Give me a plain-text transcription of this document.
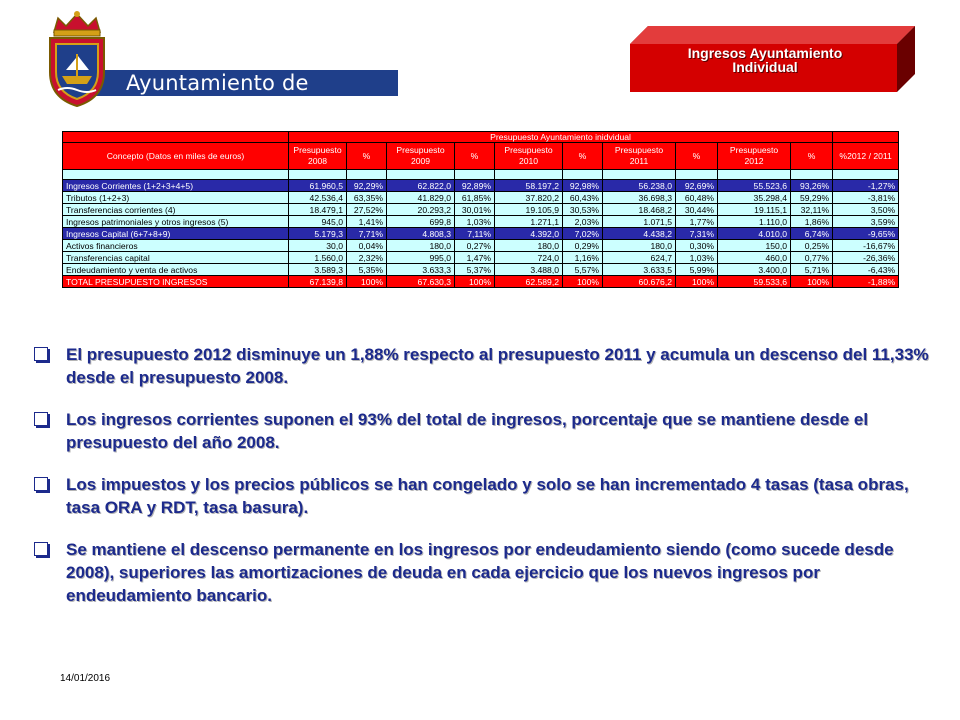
Ayuntamiento de Avilés
Ingresos Ayuntamiento
Individual
	Presupuesto Ayuntamiento inidvidual										
Concepto (Datos en miles de euros)	Presupuesto 2008	%	Presupuesto 2009	%	Presupuesto 2010	%	Presupuesto 2011	%	Presupuesto 2012	%	%2012 / 2011

Ingresos Corrientes (1+2+3+4+5)	61.960,5	92,29%	62.822,0	92,89%	58.197,2	92,98%	56.238,0	92,69%	55.523,6	93,26%	-1,27%
Tributos (1+2+3)	42.536,4	63,35%	41.829,0	61,85%	37.820,2	60,43%	36.698,3	60,48%	35.298,4	59,29%	-3,81%
Transferencias corrientes (4)	18.479,1	27,52%	20.293,2	30,01%	19.105,9	30,53%	18.468,2	30,44%	19.115,1	32,11%	3,50%
Ingresos patrimoniales y otros ingresos (5)	945,0	1,41%	699,8	1,03%	1.271,1	2,03%	1.071,5	1,77%	1.110,0	1,86%	3,59%
Ingresos Capital (6+7+8+9)	5.179,3	7,71%	4.808,3	7,11%	4.392,0	7,02%	4.438,2	7,31%	4.010,0	6,74%	-9,65%
Activos financieros	30,0	0,04%	180,0	0,27%	180,0	0,29%	180,0	0,30%	150,0	0,25%	-16,67%
Transferencias capital	1.560,0	2,32%	995,0	1,47%	724,0	1,16%	624,7	1,03%	460,0	0,77%	-26,36%
Endeudamiento y venta de activos	3.589,3	5,35%	3.633,3	5,37%	3.488,0	5,57%	3.633,5	5,99%	3.400,0	5,71%	-6,43%
TOTAL PRESUPUESTO INGRESOS	67.139,8	100%	67.630,3	100%	62.589,2	100%	60.676,2	100%	59.533,6	100%	-1,88%
El presupuesto 2012 disminuye un 1,88% respecto al presupuesto 2011 y acumula un descenso del 11,33% desde el presupuesto 2008.
Los ingresos corrientes suponen el 93% del total de ingresos, porcentaje que se mantiene desde el presupuesto del año 2008.
Los impuestos y los precios públicos se han congelado y solo se han incrementado 4 tasas (tasa obras, tasa ORA y RDT, tasa basura).
Se mantiene el descenso permanente en los ingresos por endeudamiento siendo (como sucede desde 2008), superiores las amortizaciones de deuda en cada ejercicio que los nuevos ingresos por endeudamiento bancario.
14/01/2016
